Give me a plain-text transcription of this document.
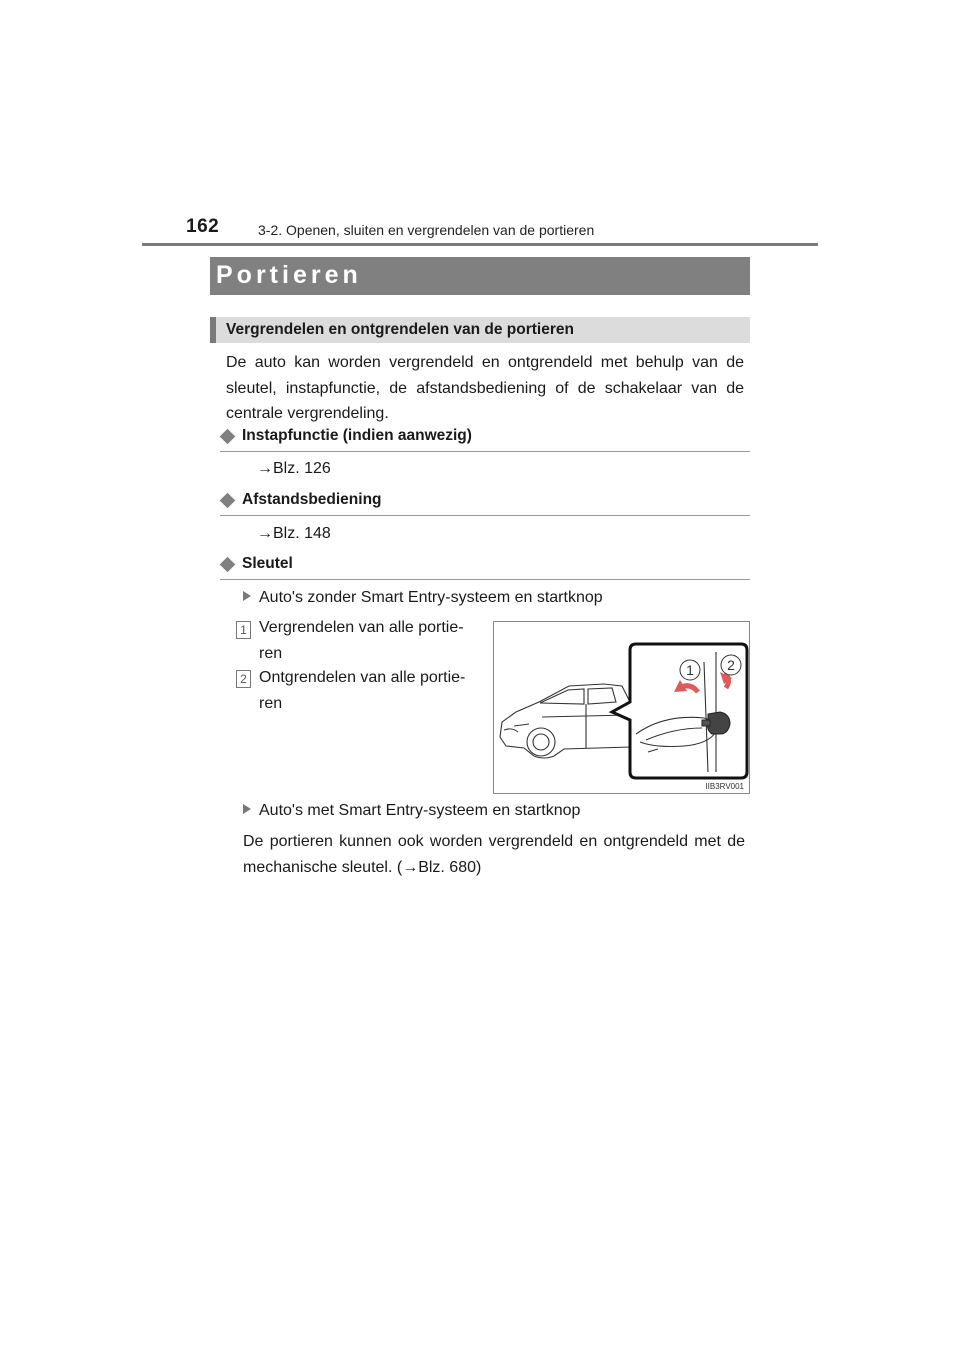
162	3-2. Openen, sluiten en vergrendelen van de portieren
Portieren
Vergrendelen en ontgrendelen van de portieren
De auto kan worden vergrendeld en ontgrendeld met behulp van de sleutel, instapfunctie, de afstandsbediening of de schakelaar van de centrale vergrendeling.
Instapfunctie (indien aanwezig)
→Blz. 126
Afstandsbediening
→Blz. 148
Sleutel
Auto's zonder Smart Entry-systeem en startknop
1 Vergrendelen van alle portie-ren
2 Ontgrendelen van alle portie-ren
1 2
IIB3RV001
Auto's met Smart Entry-systeem en startknop
De portieren kunnen ook worden vergrendeld en ontgrendeld met de mechanische sleutel. (→Blz. 680)
